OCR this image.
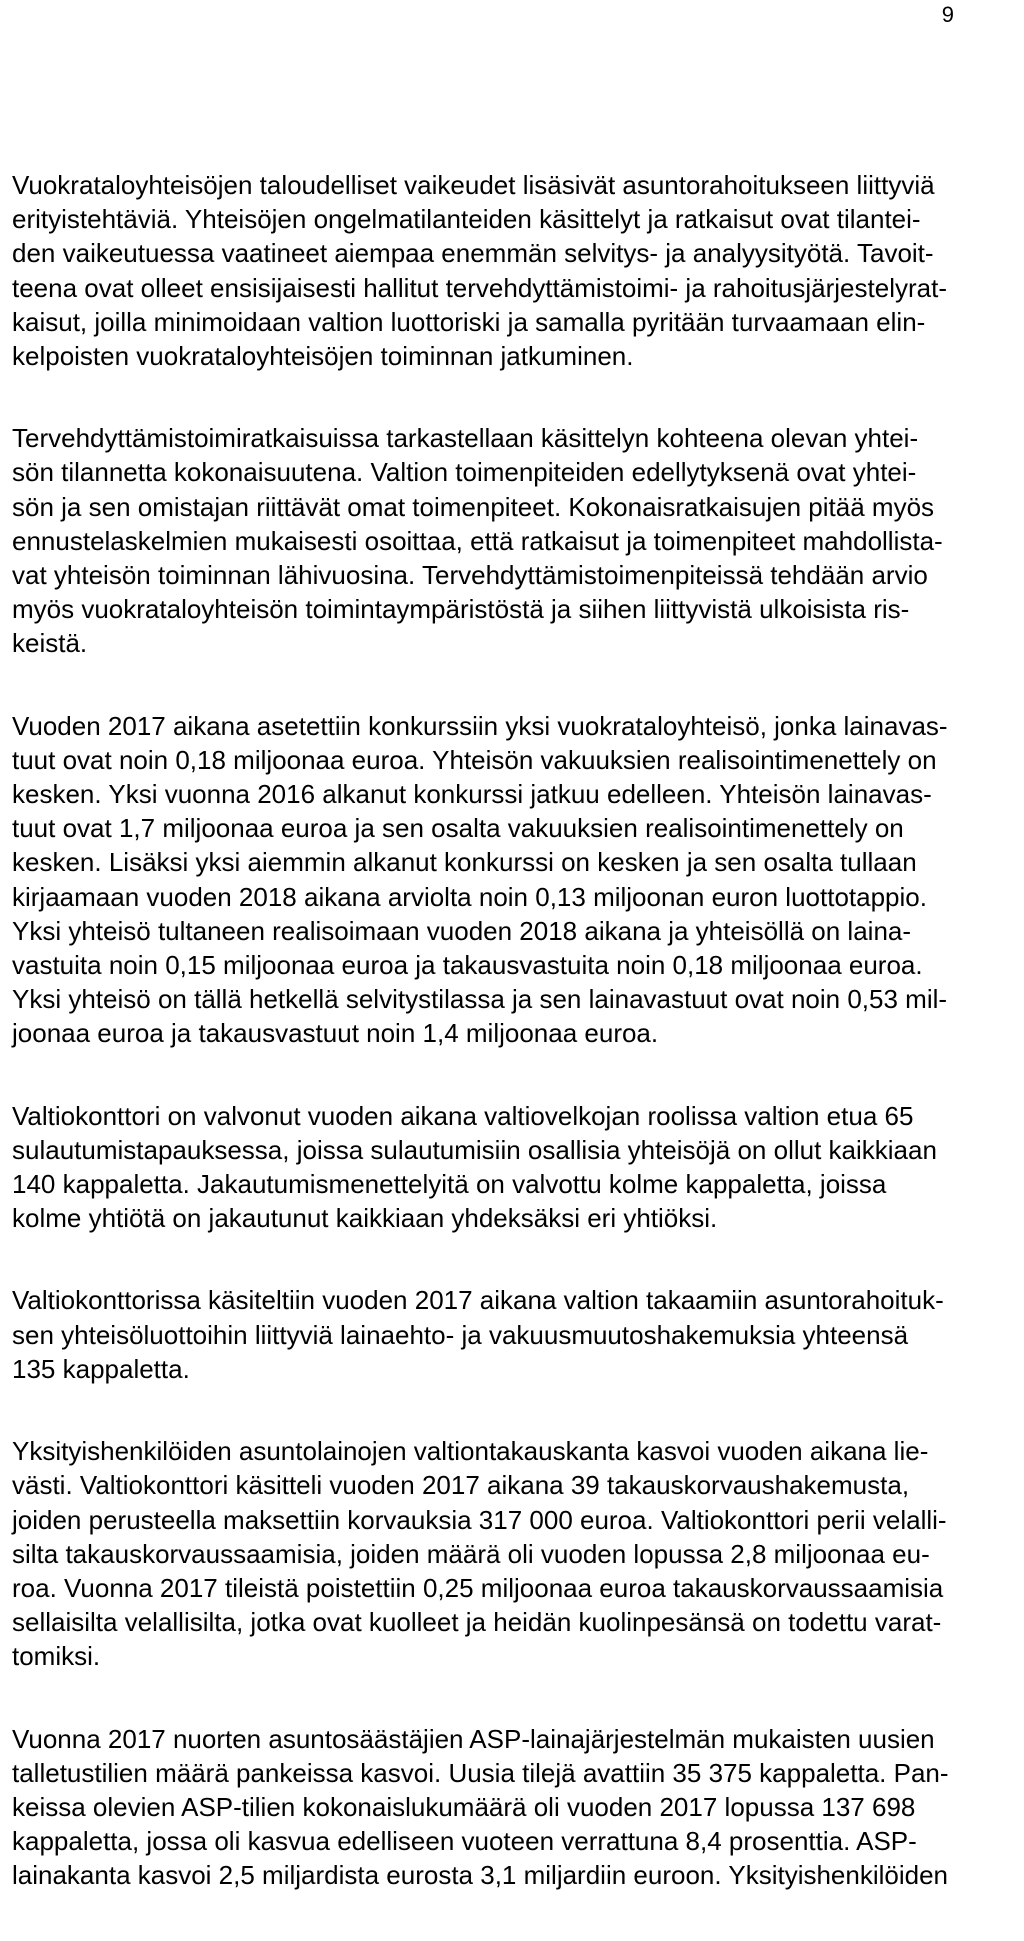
9
Vuokrataloyhteisöjen taloudelliset vaikeudet lisäsivät asuntorahoitukseen liittyviä
erityistehtäviä. Yhteisöjen ongelmatilanteiden käsittelyt ja ratkaisut ovat tilantei-
den vaikeutuessa vaatineet aiempaa enemmän selvitys- ja analyysityötä. Tavoit-
teena ovat olleet ensisijaisesti hallitut tervehdyttämistoimi- ja rahoitusjärjestelyrat-
kaisut, joilla minimoidaan valtion luottoriski ja samalla pyritään turvaamaan elin-
kelpoisten vuokrataloyhteisöjen toiminnan jatkuminen.
Tervehdyttämistoimiratkaisuissa tarkastellaan käsittelyn kohteena olevan yhtei-
sön tilannetta kokonaisuutena. Valtion toimenpiteiden edellytyksenä ovat yhtei-
sön ja sen omistajan riittävät omat toimenpiteet. Kokonaisratkaisujen pitää myös
ennustelaskelmien mukaisesti osoittaa, että ratkaisut ja toimenpiteet mahdollista-
vat yhteisön toiminnan lähivuosina. Tervehdyttämistoimenpiteissä tehdään arvio
myös vuokrataloyhteisön toimintaympäristöstä ja siihen liittyvistä ulkoisista ris-
keistä.
Vuoden 2017 aikana asetettiin konkurssiin yksi vuokrataloyhteisö, jonka lainavas-
tuut ovat noin 0,18 miljoonaa euroa. Yhteisön vakuuksien realisointimenettely on
kesken. Yksi vuonna 2016 alkanut konkurssi jatkuu edelleen. Yhteisön lainavas-
tuut ovat 1,7 miljoonaa euroa ja sen osalta vakuuksien realisointimenettely on
kesken. Lisäksi yksi aiemmin alkanut konkurssi on kesken ja sen osalta tullaan
kirjaamaan vuoden 2018 aikana arviolta noin 0,13 miljoonan euron luottotappio.
Yksi yhteisö tultaneen realisoimaan vuoden 2018 aikana ja yhteisöllä on laina-
vastuita noin 0,15 miljoonaa euroa ja takausvastuita noin 0,18 miljoonaa euroa.
Yksi yhteisö on tällä hetkellä selvitystilassa ja sen lainavastuut ovat noin 0,53 mil-
joonaa euroa ja takausvastuut noin 1,4 miljoonaa euroa.
Valtiokonttori on valvonut vuoden aikana valtiovelkojan roolissa valtion etua 65
sulautumistapauksessa, joissa sulautumisiin osallisia yhteisöjä on ollut kaikkiaan
140 kappaletta. Jakautumismenettelyitä on valvottu kolme kappaletta, joissa
kolme yhtiötä on jakautunut kaikkiaan yhdeksäksi eri yhtiöksi.
Valtiokonttorissa käsiteltiin vuoden 2017 aikana valtion takaamiin asuntorahoituk-
sen yhteisöluottoihin liittyviä lainaehto- ja vakuusmuutoshakemuksia yhteensä
135 kappaletta.
Yksityishenkilöiden asuntolainojen valtiontakauskanta kasvoi vuoden aikana lie-
västi. Valtiokonttori käsitteli vuoden 2017 aikana 39 takauskorvaushakemusta,
joiden perusteella maksettiin korvauksia 317 000 euroa. Valtiokonttori perii velalli-
silta takauskorvaussaamisia, joiden määrä oli vuoden lopussa 2,8 miljoonaa eu-
roa. Vuonna 2017 tileistä poistettiin 0,25 miljoonaa euroa takauskorvaussaamisia
sellaisilta velallisilta, jotka ovat kuolleet ja heidän kuolinpesänsä on todettu varat-
tomiksi.
Vuonna 2017 nuorten asuntosäästäjien ASP-lainajärjestelmän mukaisten uusien
talletustilien määrä pankeissa kasvoi. Uusia tilejä avattiin 35 375 kappaletta. Pan-
keissa olevien ASP-tilien kokonaislukumäärä oli vuoden 2017 lopussa 137 698
kappaletta, jossa oli kasvua edelliseen vuoteen verrattuna 8,4 prosenttia. ASP-
lainakanta kasvoi 2,5 miljardista eurosta 3,1 miljardiin euroon. Yksityishenkilöiden
